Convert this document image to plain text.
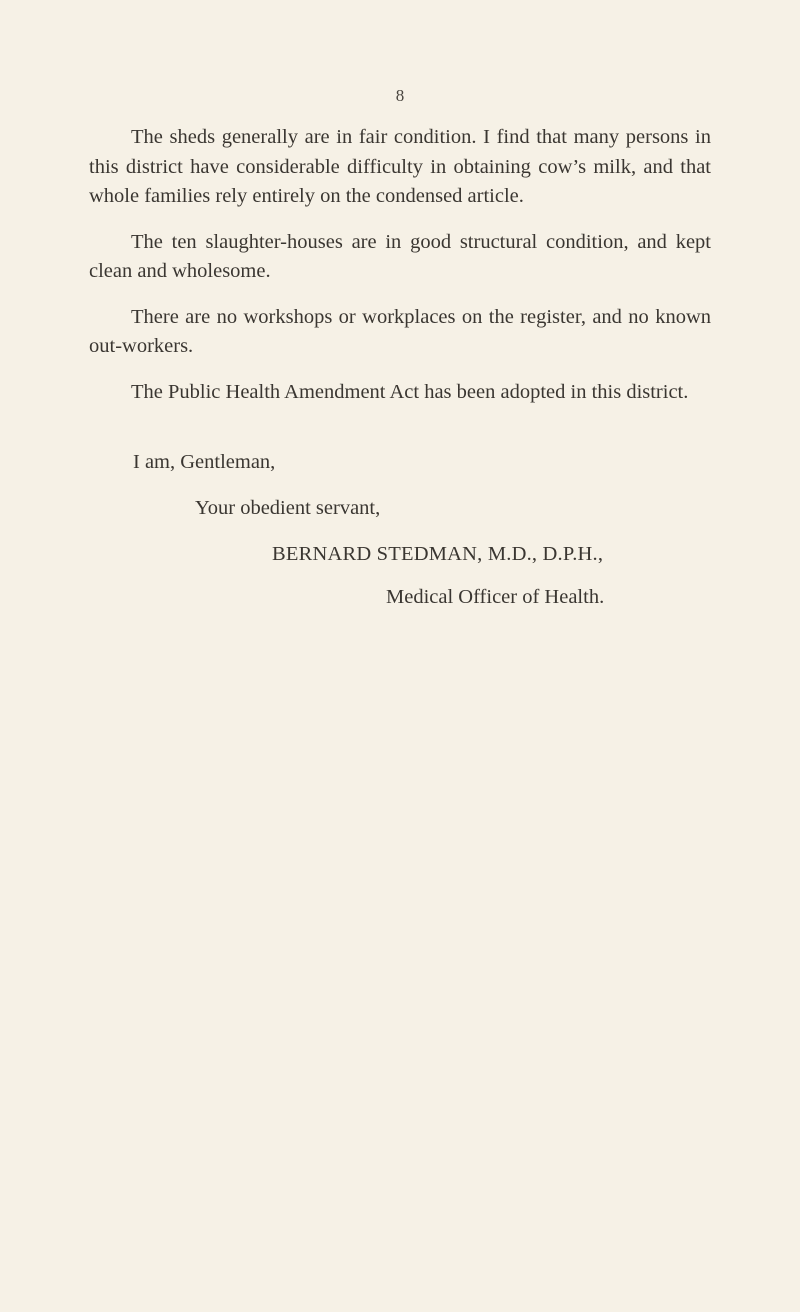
8

The sheds generally are in fair condition. I find that many persons in this district have considerable difficulty in obtaining cow’s milk, and that whole families rely entirely on the condensed article.

The ten slaughter-houses are in good structural condition, and kept clean and wholesome.

There are no workshops or workplaces on the register, and no known out-workers.

The Public Health Amendment Act has been adopted in this district.

I am, Gentleman,
Your obedient servant,
BERNARD STEDMAN, M.D., D.P.H.,
Medical Officer of Health.
